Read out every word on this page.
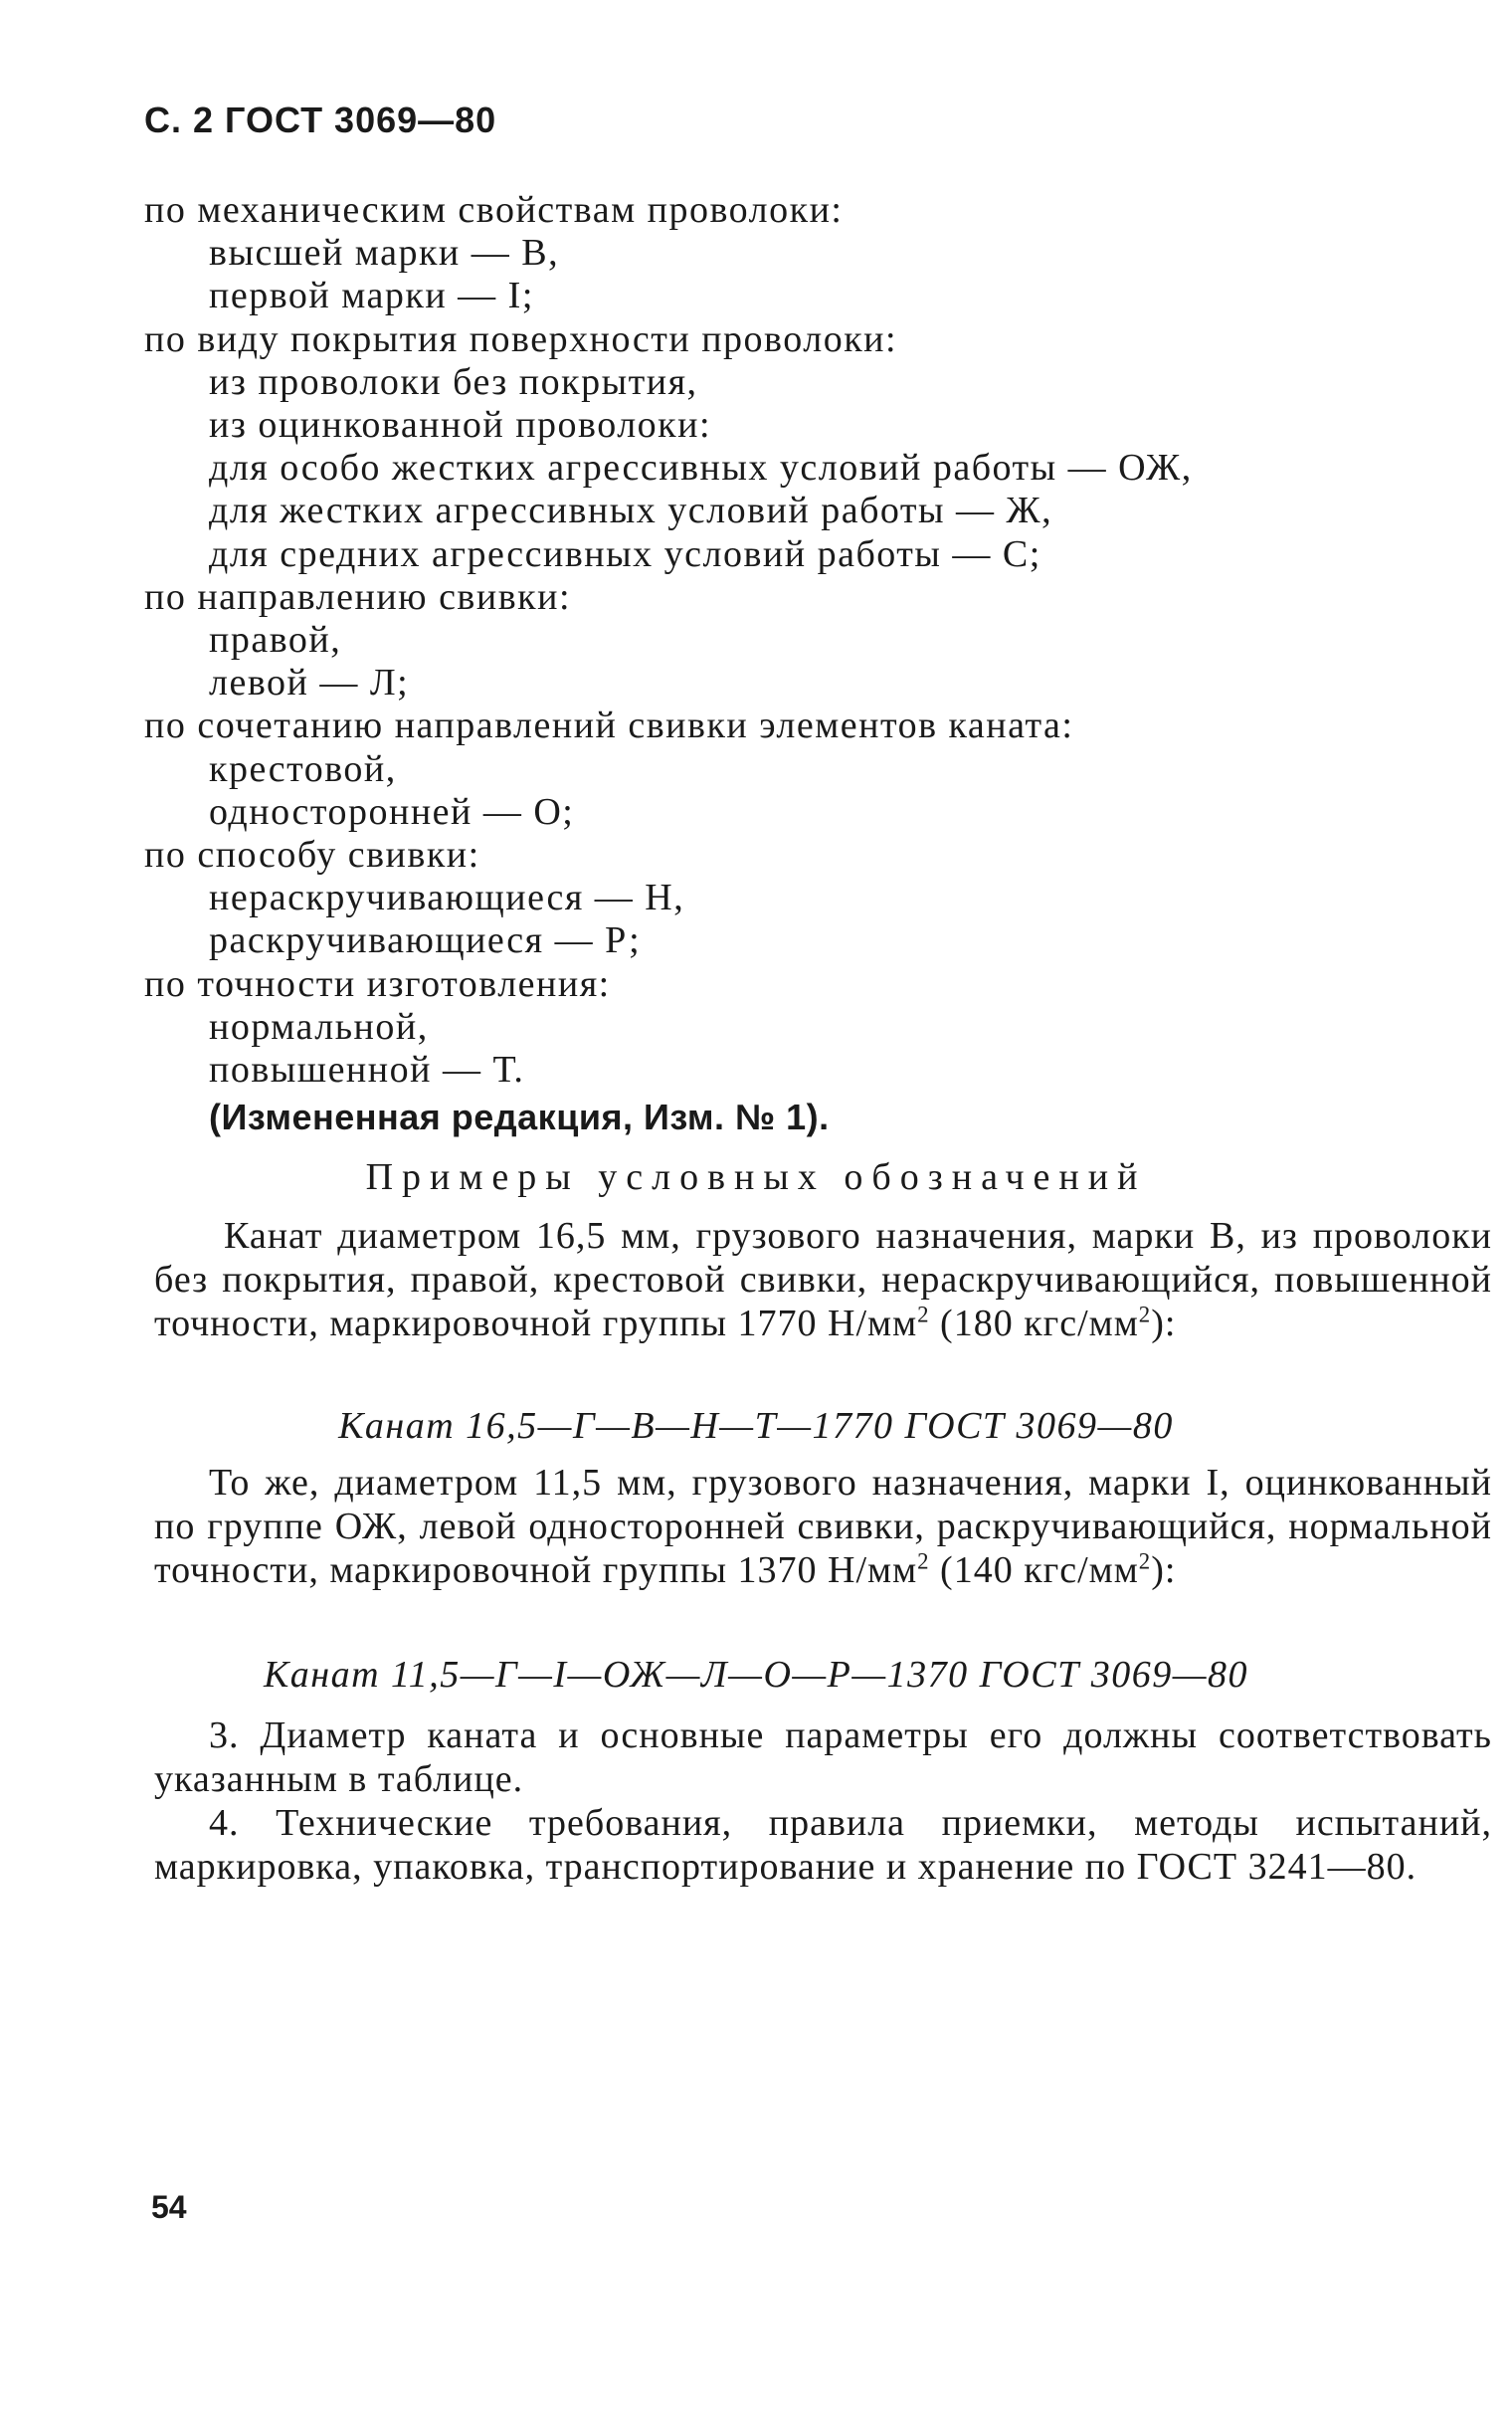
С. 2 ГОСТ 3069—80
по механическим свойствам проволоки:
высшей марки — В,
первой марки — I;
по виду покрытия поверхности проволоки:
из проволоки без покрытия,
из оцинкованной проволоки:
для особо жестких агрессивных условий работы — ОЖ,
для жестких агрессивных условий работы — Ж,
для средних агрессивных условий работы — С;
по направлению свивки:
правой,
левой — Л;
по сочетанию направлений свивки элементов каната:
крестовой,
односторонней — О;
по способу свивки:
нераскручивающиеся — Н,
раскручивающиеся — Р;
по точности изготовления:
нормальной,
повышенной — Т.
(Измененная редакция, Изм. № 1).
Примеры условных обозначений
Канат диаметром 16,5 мм, грузового назначения, марки В, из проволоки без покрытия, правой, крестовой свивки, нераскручивающийся, повышенной точности, маркировочной группы 1770 $Н/мм^2$ (180 кгс/$мм^2$):
Канат 16,5—Г—В—Н—Т—1770 ГОСТ 3069—80
То же, диаметром 11,5 мм, грузового назначения, марки I, оцинкованный по группе ОЖ, левой односторонней свивки, раскручивающийся, нормальной точности, маркировочной группы 1370 $Н/мм^2$ (140 кгс/$мм^2$):
Канат 11,5—Г—I—ОЖ—Л—О—Р—1370 ГОСТ 3069—80
3. Диаметр каната и основные параметры его должны соответствовать указанным в таблице.
4. Технические требования, правила приемки, методы испытаний, маркировка, упаковка, транспортирование и хранение по ГОСТ 3241—80.
54
